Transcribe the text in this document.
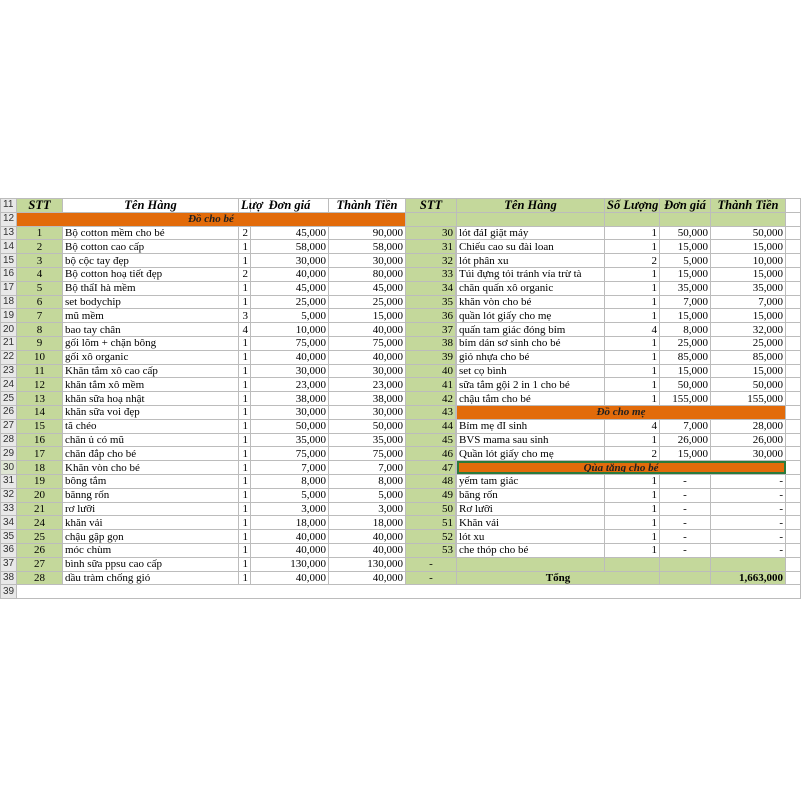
11	STT	Tên Hàng	Lượ	Đơn giá	Thành Tiền	STT	Tên Hàng	Số Lượng	Đơn giá	Thành Tiền	
12	Đồ cho bé										
13	1	Bộ cotton mềm cho bé	2	45,000	90,000	30		lót đáI giặt máy	1	50,000	50,000	
14	2	Bộ cotton cao cấp	1	58,000	58,000	31		Chiếu cao su đài loan	1	15,000	15,000	
15	3	bộ cộc tay đẹp	1	30,000	30,000	32		lót phân xu	2	5,000	10,000	
16	4	Bộ cotton hoạ tiết đẹp	2	40,000	80,000	33		Túi đựng tỏi tránh vía trừ tà	1	15,000	15,000	
17	5	Bộ thẩI hà mềm	1	45,000	45,000	34		chăn quấn xô organic	1	35,000	35,000	
18	6	set bodychip	1	25,000	25,000	35		khăn vòn cho bé	1	7,000	7,000	
19	7	mũ mềm	3	5,000	15,000	36		quần lót giấy cho mẹ	1	15,000	15,000	
20	8	bao tay chân	4	10,000	40,000	37		quấn tam giác đóng bỉm	4	8,000	32,000	
21	9	gối lõm + chặn bông	1	75,000	75,000	38		bỉm dán sơ sinh cho bé	1	25,000	25,000	
22	10	gối xô organic	1	40,000	40,000	39		giỏ nhựa cho bé	1	85,000	85,000	
23	11	Khăn tắm xô cao cấp	1	30,000	30,000	40		set cọ bình	1	15,000	15,000	
24	12	khăn tắm xô mềm	1	23,000	23,000	41		sữa tắm gội 2 in 1 cho bé	1	50,000	50,000	
25	13	khăn sữa hoạ nhật	1	38,000	38,000	42		chậu tắm cho bé	1	155,000	155,000	
26	14	khăn sữa voi đẹp	1	30,000	30,000	43		Đồ cho mẹ				
27	15	tã chéo	1	50,000	50,000	44		Bỉm mẹ đI sinh	4	7,000	28,000	
28	16	chăn ủ có mũ	1	35,000	35,000	45		BVS mama sau sinh	1	26,000	26,000	
29	17	chăn đắp cho bé	1	75,000	75,000	46		Quần lót giấy cho mẹ	2	15,000	30,000	
30	18	Khăn vòn cho bé	1	7,000	7,000	47		Qùa tặng cho bé				
31	19	bông tắm	1	8,000	8,000	48		yếm tam giác	1	-	-	
32	20	bănng rốn	1	5,000	5,000	49		băng rốn	1	-	-	
33	21	rơ lưỡi	1	3,000	3,000	50		Rơ lưỡi	1	-	-	
34	24	khăn vải	1	18,000	18,000	51		Khăn vải	1	-	-	
35	25	chậu gập gọn	1	40,000	40,000	52		lót xu	1	-	-	
36	26	móc chùm	1	40,000	40,000	53		che thóp cho bé	1	-	-	
37	27	bình sữa ppsu cao cấp	1	130,000	130,000	-					
38	28	dầu tràm chống gió	1	40,000	40,000	-	Tổng			1,663,000	
39											
